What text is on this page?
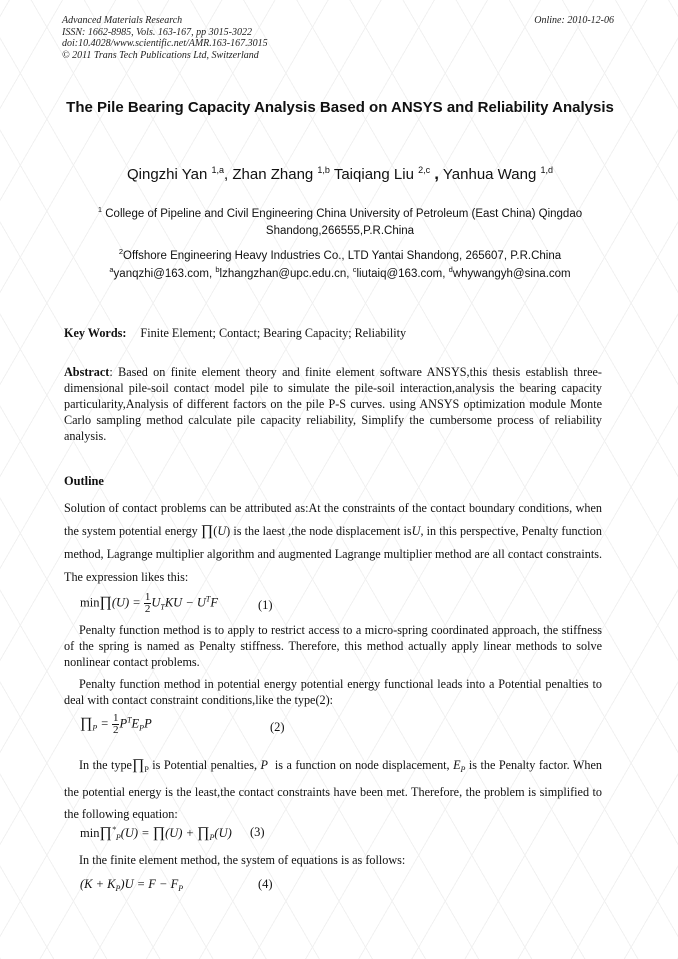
Advanced Materials Research
ISSN: 1662-8985, Vols. 163-167, pp 3015-3022
doi:10.4028/www.scientific.net/AMR.163-167.3015
© 2011 Trans Tech Publications Ltd, Switzerland
Online: 2010-12-06
The Pile Bearing Capacity Analysis Based on ANSYS and Reliability Analysis
Qingzhi Yan $^{1,a}$, Zhan Zhang $^{1,b}$ Taiqiang Liu $^{2,c}$ , Yanhua Wang $^{1,d}$
$^1$ College of Pipeline and Civil Engineering China University of Petroleum (East China) Qingdao Shandong,266555,P.R.China
$^2$Offshore Engineering Heavy Industries Co., LTD Yantai Shandong, 265607, P.R.China
$^a$yanqzhi@163.com, $^b$lzhangzhan@upc.edu.cn, $^c$liutaiq@163.com, $^d$whywangyh@sina.com
Key Words: Finite Element; Contact; Bearing Capacity; Reliability
Abstract: Based on finite element theory and finite element software ANSYS,this thesis establish three-dimensional pile-soil contact model pile to simulate the pile-soil interaction,analysis the bearing capacity particularity,Analysis of different factors on the pile P-S curves. using ANSYS optimization module Monte Carlo sampling method calculate pile capacity reliability, Simplify the cumbersome process of reliability analysis.
Outline
Solution of contact problems can be attributed as:At the constraints of the contact boundary conditions, when the system potential energy ∏(U) is the laest ,the node displacement isU, in this perspective, Penalty function method, Lagrange multiplier algorithm and augmented Lagrange multiplier method are all contact constraints. The expression likes this:
min∏(U) = $\frac{1}{2} U_TKU - U^TF$	(1)
Penalty function method is to apply to restrict access to a micro-spring coordinated approach, the stiffness of the spring is named as Penalty stiffness. Therefore, this method actually apply linear methods to solve nonlinear contact problems.
Penalty function method in potential energy potential energy functional leads into a Potential penalties to deal with contact constraint conditions,like the type(2):
$\prod_P = \frac{1}{2} P^TE_PP$	(2)
In the $type\prod_P$ is Potential penalties, P is a function on node displacement, $E_P$ is the Penalty factor. When the potential energy is the least,the contact constraints have been met. Therefore, the problem is simplified to the following equation:
$\min\prod^*_P(U)$ = ∏(U) + $\prod_P(U)$ (3)
In the finite element method, the system of equations is as follows:
$(K + K_P)U = F - F_P$	(4)
